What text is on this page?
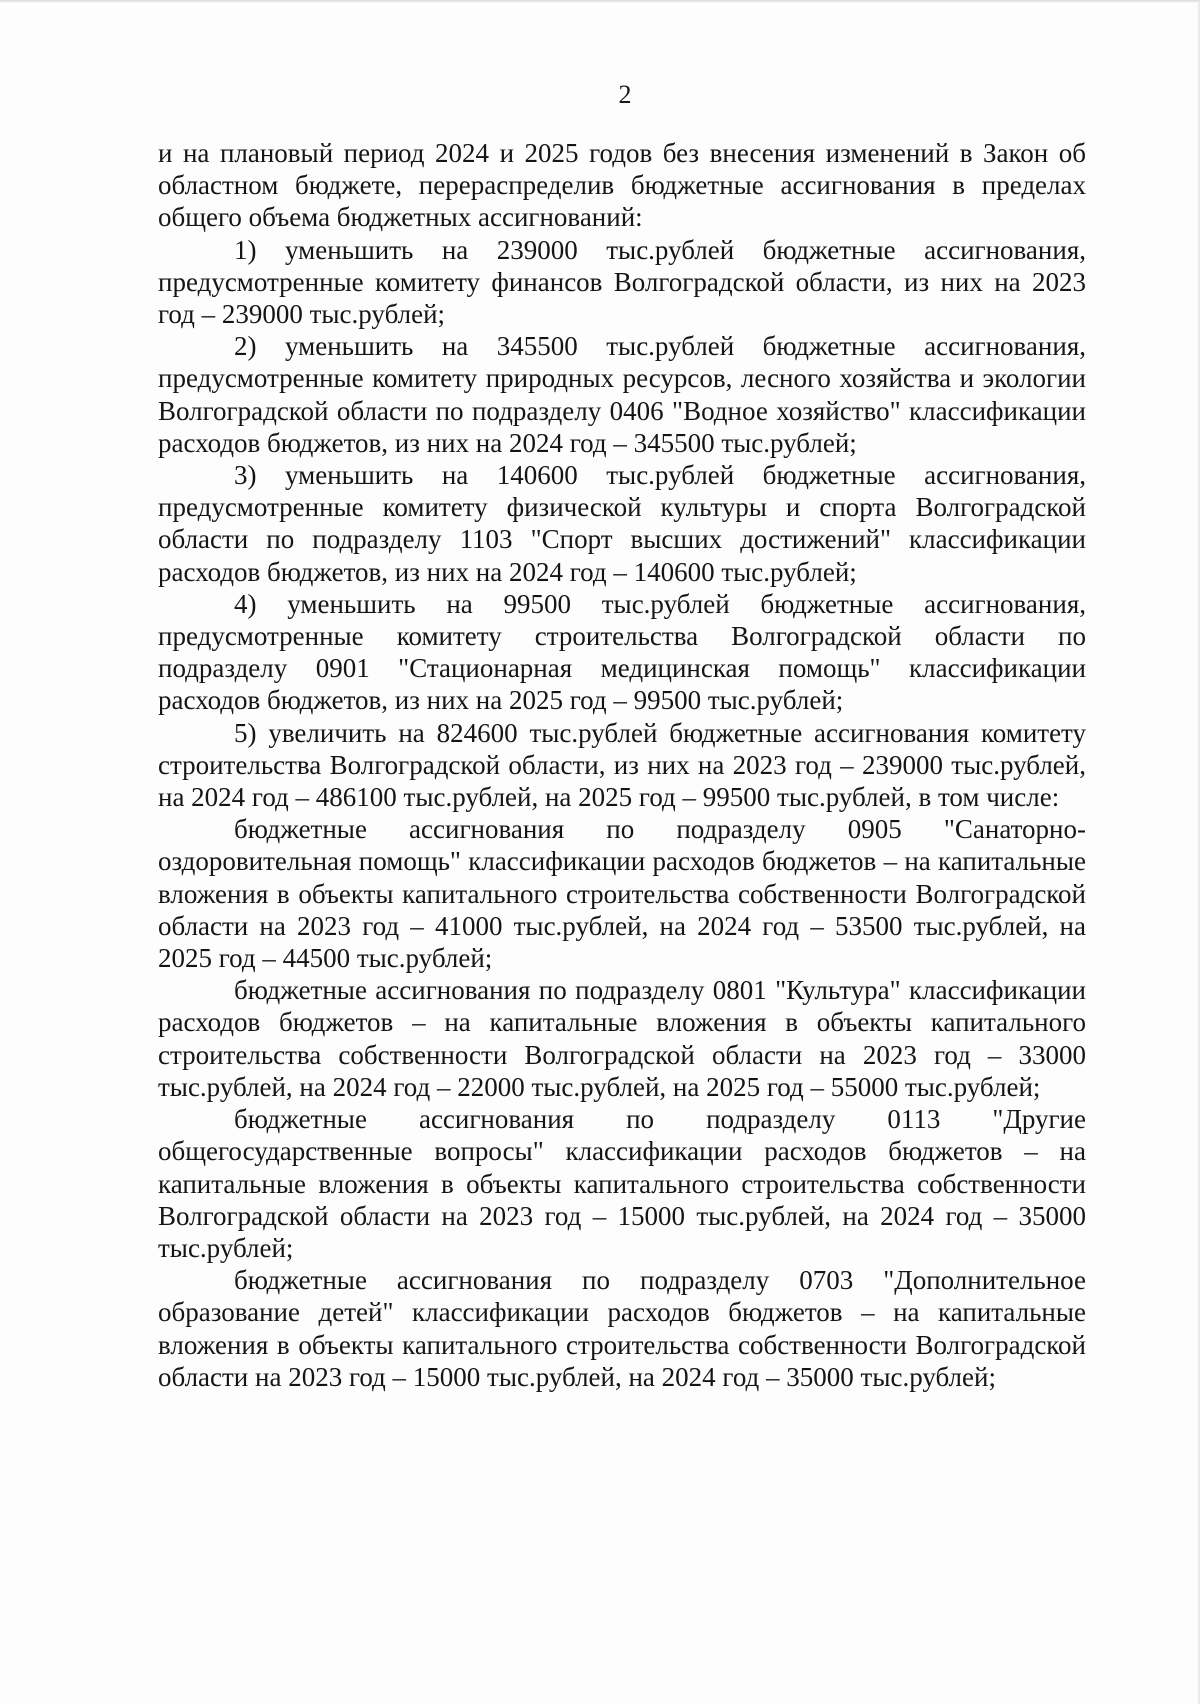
2

и на плановый период 2024 и 2025 годов без внесения изменений в Закон об областном бюджете, перераспределив бюджетные ассигнования в пределах общего объема бюджетных ассигнований:

1) уменьшить на 239000 тыс.рублей бюджетные ассигнования, предусмотренные комитету финансов Волгоградской области, из них на 2023 год – 239000 тыс.рублей;

2) уменьшить на 345500 тыс.рублей бюджетные ассигнования, предусмотренные комитету природных ресурсов, лесного хозяйства и экологии Волгоградской области по подразделу 0406 "Водное хозяйство" классификации расходов бюджетов, из них на 2024 год – 345500 тыс.рублей;

3) уменьшить на 140600 тыс.рублей бюджетные ассигнования, предусмотренные комитету физической культуры и спорта Волгоградской области по подразделу 1103 "Спорт высших достижений" классификации расходов бюджетов, из них на 2024 год – 140600 тыс.рублей;

4) уменьшить на 99500 тыс.рублей бюджетные ассигнования, предусмотренные комитету строительства Волгоградской области по подразделу 0901 "Стационарная медицинская помощь" классификации расходов бюджетов, из них на 2025 год – 99500 тыс.рублей;

5) увеличить на 824600 тыс.рублей бюджетные ассигнования комитету строительства Волгоградской области, из них на 2023 год – 239000 тыс.рублей, на 2024 год – 486100 тыс.рублей, на 2025 год – 99500 тыс.рублей, в том числе:

бюджетные ассигнования по подразделу 0905 "Санаторно-оздоровительная помощь" классификации расходов бюджетов – на капитальные вложения в объекты капитального строительства собственности Волгоградской области на 2023 год – 41000 тыс.рублей, на 2024 год – 53500 тыс.рублей, на 2025 год – 44500 тыс.рублей;

бюджетные ассигнования по подразделу 0801 "Культура" классификации расходов бюджетов – на капитальные вложения в объекты капитального строительства собственности Волгоградской области на 2023 год – 33000 тыс.рублей, на 2024 год – 22000 тыс.рублей, на 2025 год – 55000 тыс.рублей;

бюджетные ассигнования по подразделу 0113 "Другие общегосударственные вопросы" классификации расходов бюджетов – на капитальные вложения в объекты капитального строительства собственности Волгоградской области на 2023 год – 15000 тыс.рублей, на 2024 год – 35000 тыс.рублей;

бюджетные ассигнования по подразделу 0703 "Дополнительное образование детей" классификации расходов бюджетов – на капитальные вложения в объекты капитального строительства собственности Волгоградской области на 2023 год – 15000 тыс.рублей, на 2024 год – 35000 тыс.рублей;
